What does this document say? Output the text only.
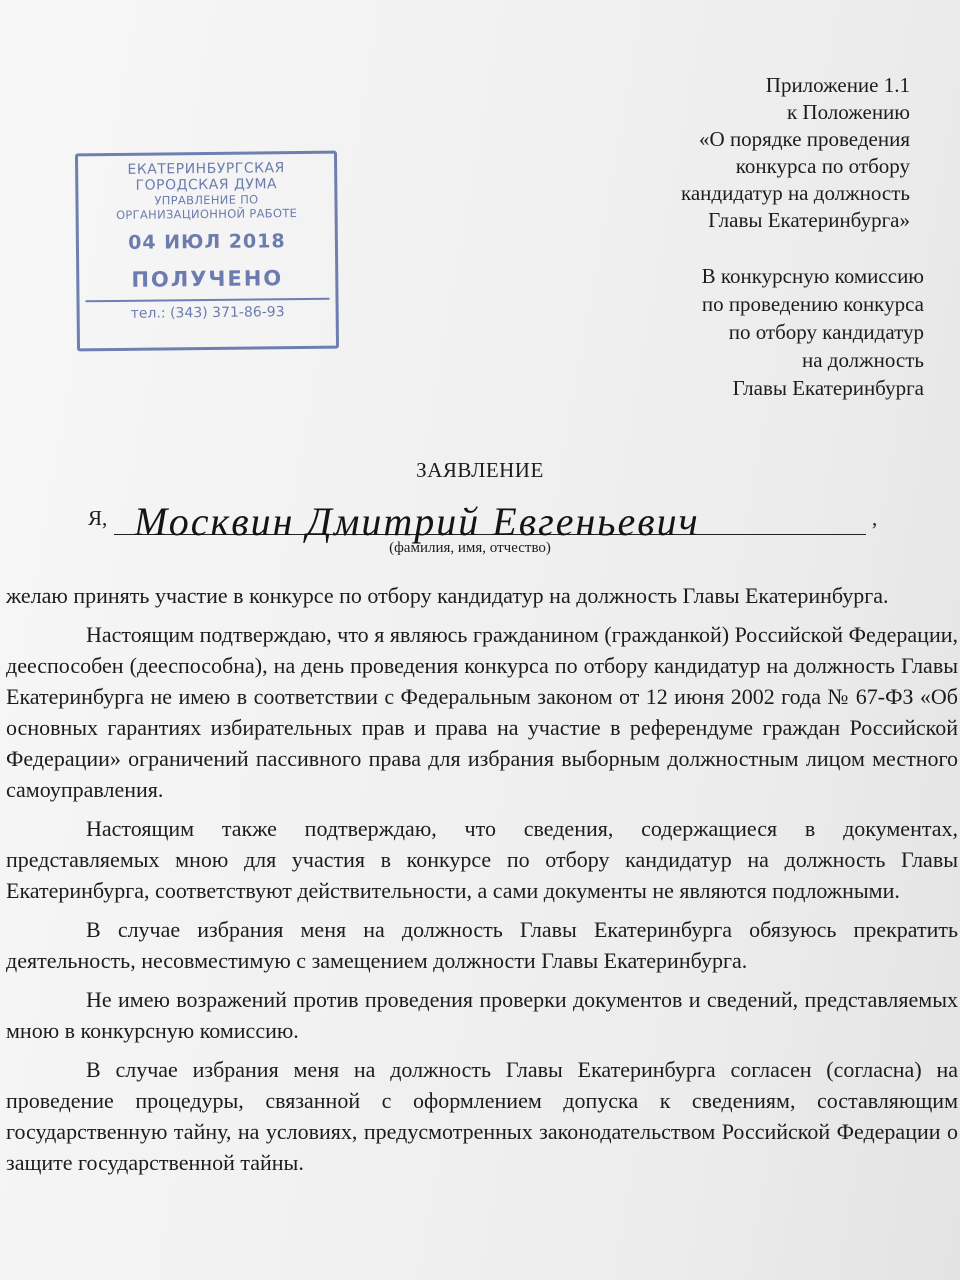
Приложение 1.1
к Положению
«О порядке проведения
конкурса по отбору
кандидатур на должность
Главы Екатеринбурга»
ЕКАТЕРИНБУРГСКАЯ
ГОРОДСКАЯ ДУМА
УПРАВЛЕНИЕ ПО
ОРГАНИЗАЦИОННОЙ РАБОТЕ
04 ИЮЛ 2018
ПОЛУЧЕНО
тел.: (343) 371-86-93
В конкурсную комиссию
по проведению конкурса
по отбору кандидатур
на должность
Главы Екатеринбурга
ЗАЯВЛЕНИЕ
Я, Москвин Дмитрий Евгеньевич	,
(фамилия, имя, отчество)

желаю принять участие в конкурсе по отбору кандидатур на должность Главы Екатеринбурга.

Настоящим подтверждаю, что я являюсь гражданином (гражданкой) Российской Федерации, дееспособен (дееспособна), на день проведения конкурса по отбору кандидатур на должность Главы Екатеринбурга не имею в соответствии с Федеральным законом от 12 июня 2002 года № 67-ФЗ «Об основных гарантиях избирательных прав и права на участие в референдуме граждан Российской Федерации» ограничений пассивного права для избрания выборным должностным лицом местного самоуправления.

Настоящим также подтверждаю, что сведения, содержащиеся в документах, представляемых мною для участия в конкурсе по отбору кандидатур на должность Главы Екатеринбурга, соответствуют действительности, а сами документы не являются подложными.

В случае избрания меня на должность Главы Екатеринбурга обязуюсь прекратить деятельность, несовместимую с замещением должности Главы Екатеринбурга.

Не имею возражений против проведения проверки документов и сведений, представляемых мною в конкурсную комиссию.

В случае избрания меня на должность Главы Екатеринбурга согласен (согласна) на проведение процедуры, связанной с оформлением допуска к сведениям, составляющим государственную тайну, на условиях, предусмотренных законодательством Российской Федерации о защите государственной тайны.
